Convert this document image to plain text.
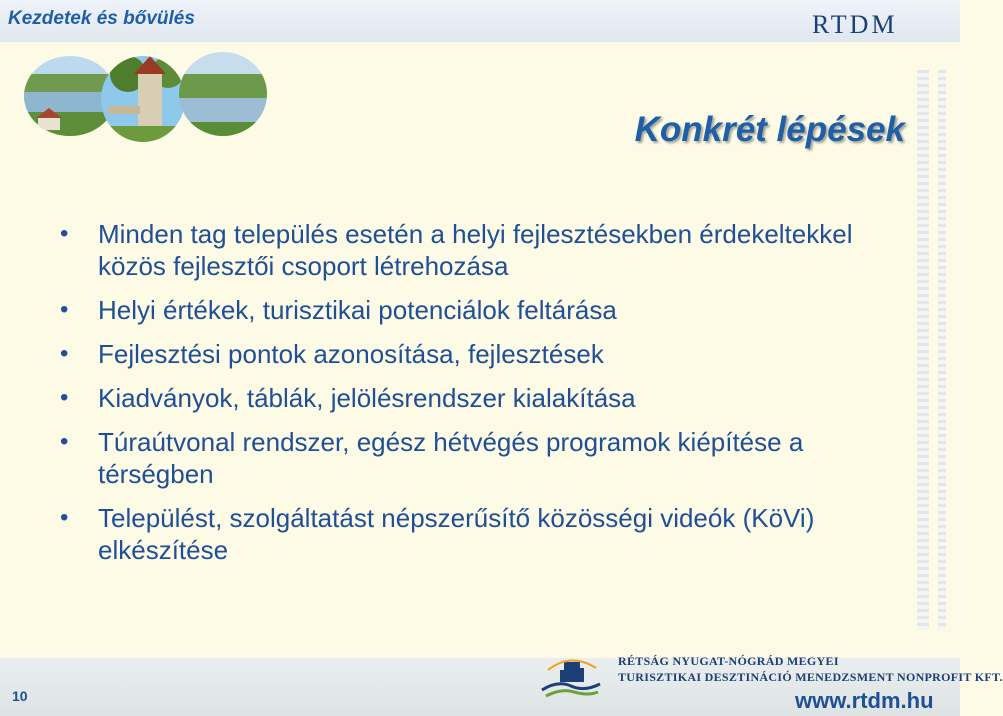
Kezdetek és bővülés	RTDM
Konkrét lépések
• Minden tag település esetén a helyi fejlesztésekben érdekeltekkel közös fejlesztői csoport létrehozása
• Helyi értékek, turisztikai potenciálok feltárása
• Fejlesztési pontok azonosítása, fejlesztések
• Kiadványok, táblák, jelölésrendszer kialakítása
• Túraútvonal rendszer, egész hétvégés programok kiépítése a térségben
• Települést, szolgáltatást népszerűsítő közösségi videók (KöVi) elkészítése
10
RÉTSÁG NYUGAT-NÓGRÁD MEGYEI
TURISZTIKAI DESZTINÁCIÓ MENEDZSMENT NONPROFIT KFT.
www.rtdm.hu
